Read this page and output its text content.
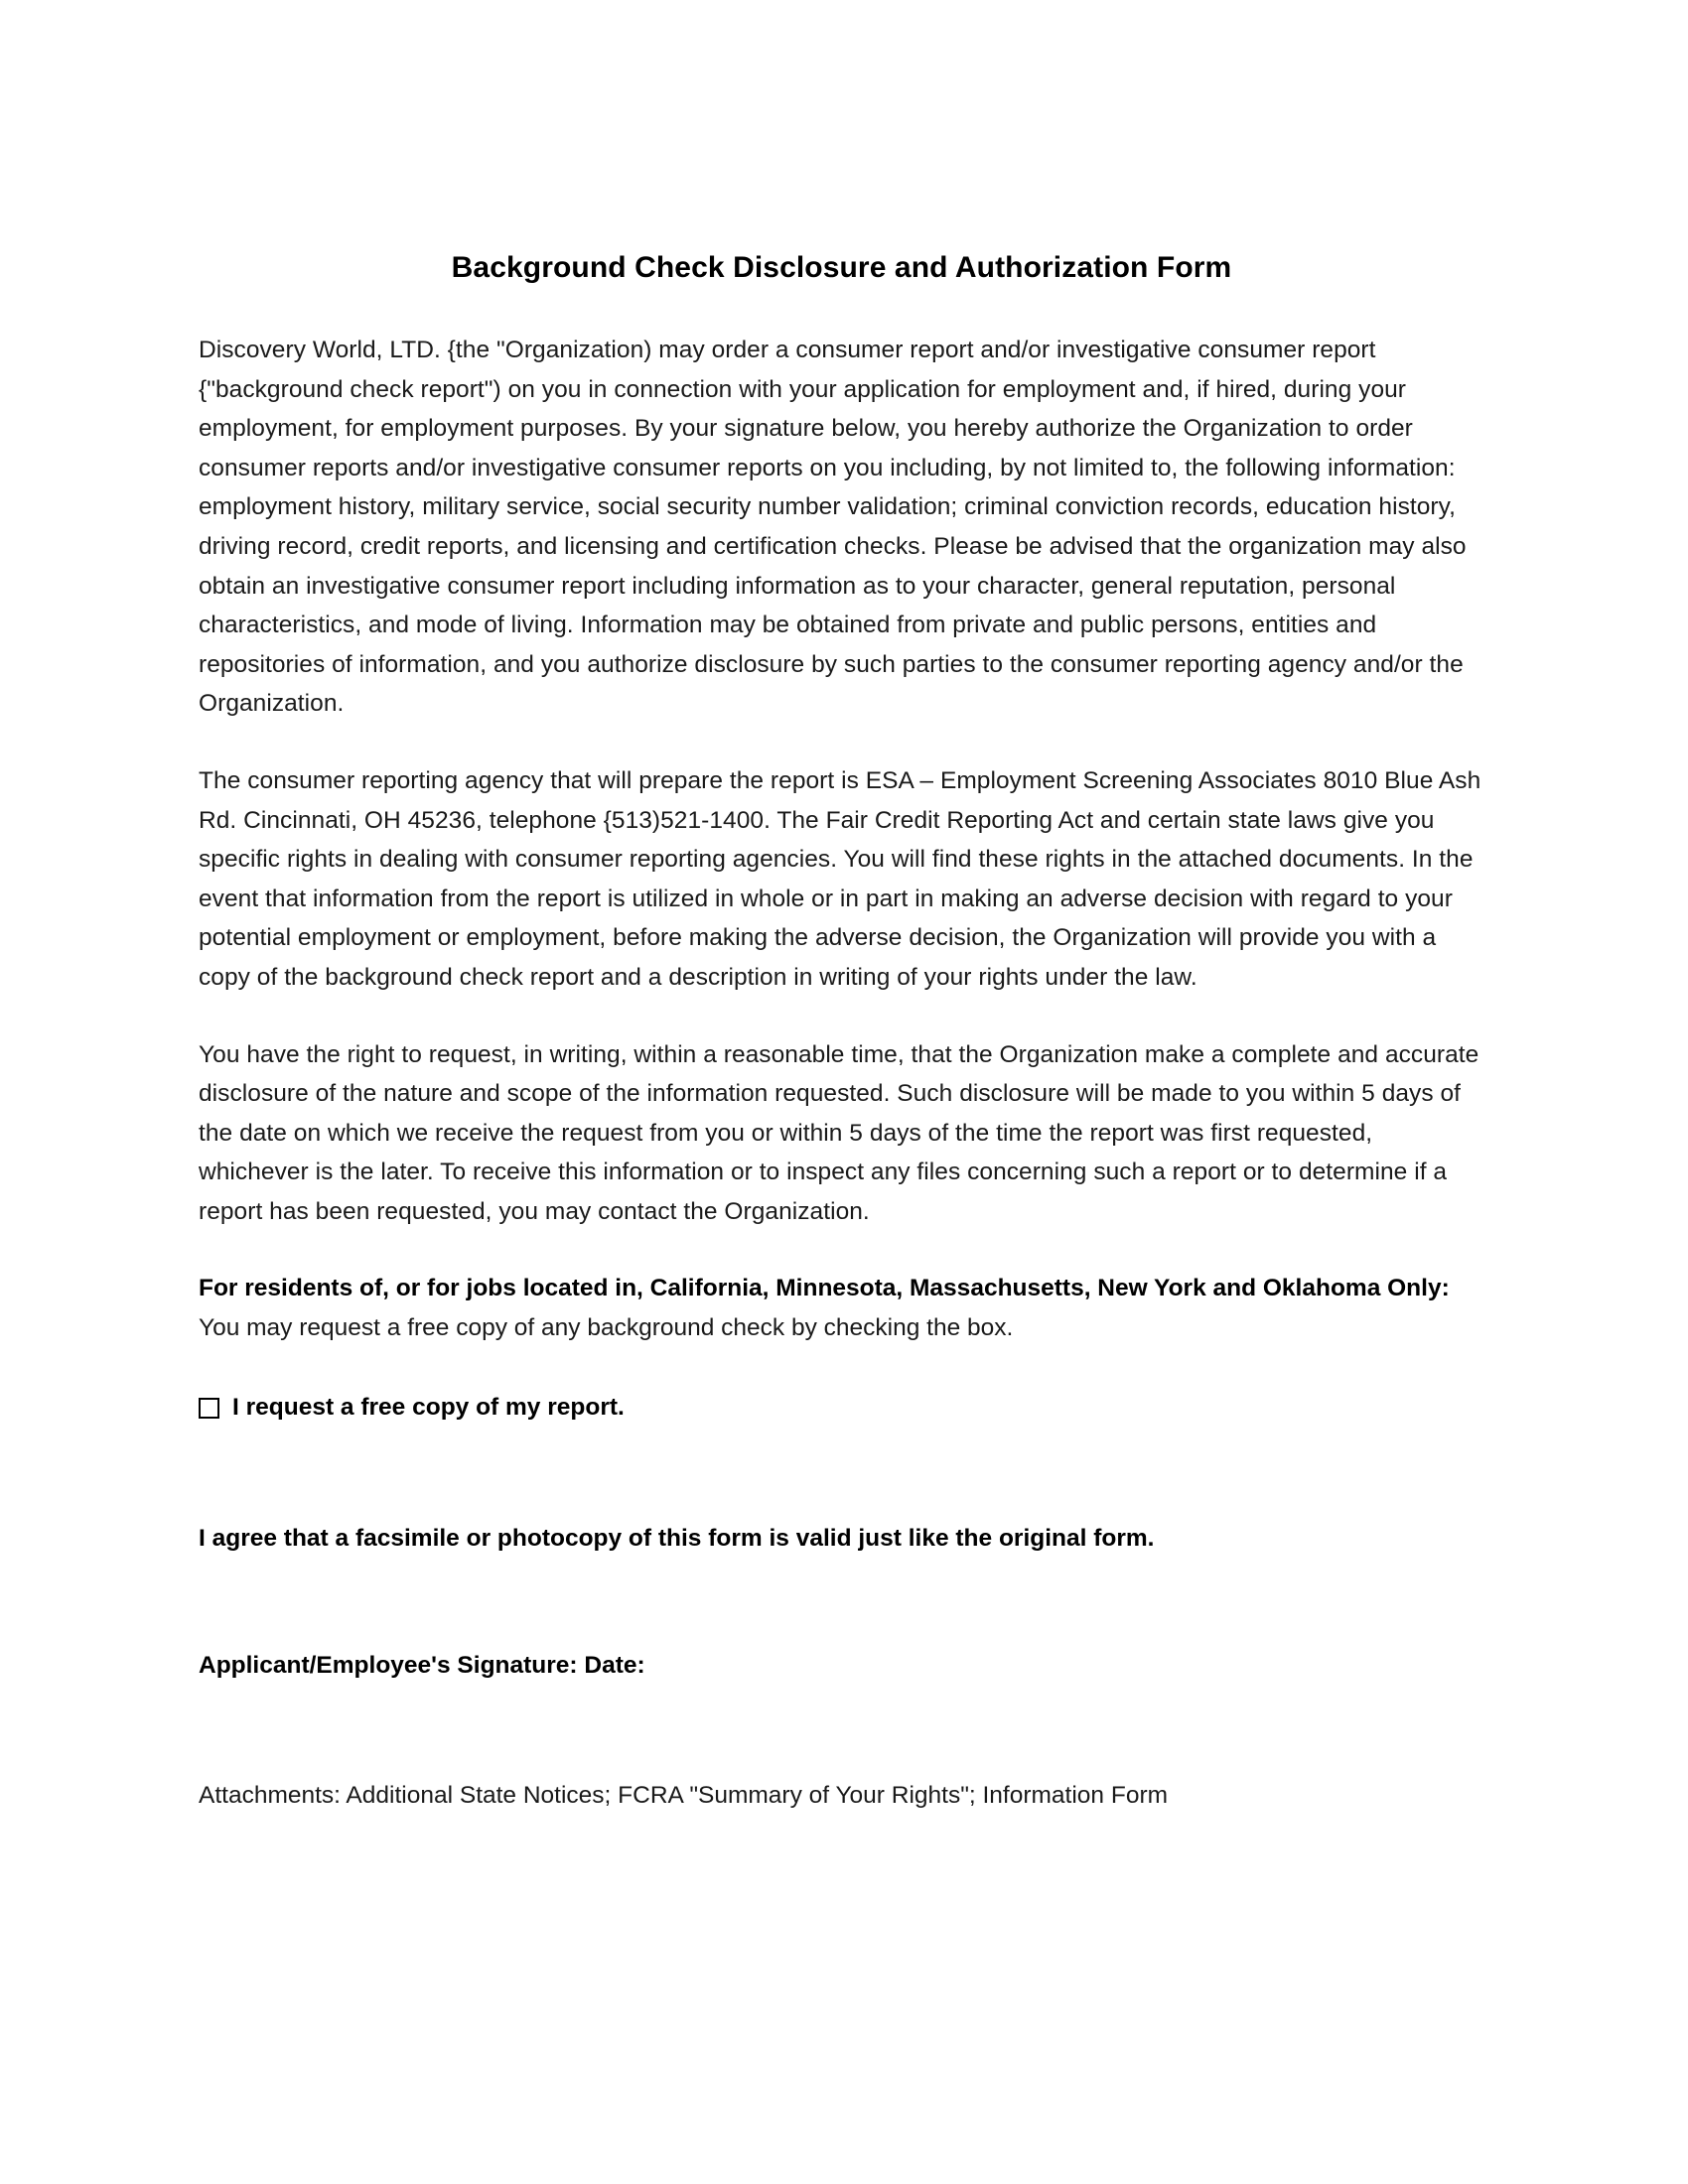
Background Check Disclosure and Authorization Form

Discovery World, LTD. {the "Organization) may order a consumer report and/or investigative consumer report {"background check report") on you in connection with your application for employment and, if hired, during your employment, for employment purposes. By your signature below, you hereby authorize the Organization to order consumer reports and/or investigative consumer reports on you including, by not limited to, the following information: employment history, military service, social security number validation; criminal conviction records, education history, driving record, credit reports, and licensing and certification checks. Please be advised that the organization may also obtain an investigative consumer report including information as to your character, general reputation, personal characteristics, and mode of living. Information may be obtained from private and public persons, entities and repositories of information, and you authorize disclosure by such parties to the consumer reporting agency and/or the Organization.

The consumer reporting agency that will prepare the report is ESA – Employment Screening Associates 8010 Blue Ash Rd. Cincinnati, OH 45236, telephone {513)521-1400. The Fair Credit Reporting Act and certain state laws give you specific rights in dealing with consumer reporting agencies. You will find these rights in the attached documents. In the event that information from the report is utilized in whole or in part in making an adverse decision with regard to your potential employment or employment, before making the adverse decision, the Organization will provide you with a copy of the background check report and a description in writing of your rights under the law.

You have the right to request, in writing, within a reasonable time, that the Organization make a complete and accurate disclosure of the nature and scope of the information requested. Such disclosure will be made to you within 5 days of the date on which we receive the request from you or within 5 days of the time the report was first requested, whichever is the later. To receive this information or to inspect any files concerning such a report or to determine if a report has been requested, you may contact the Organization.

For residents of, or for jobs located in, California, Minnesota, Massachusetts, New York and Oklahoma Only: You may request a free copy of any background check by checking the box.

I request a free copy of my report.

I agree that a facsimile or photocopy of this form is valid just like the original form.

Applicant/Employee's Signature: Date:

Attachments: Additional State Notices; FCRA "Summary of Your Rights"; Information Form
